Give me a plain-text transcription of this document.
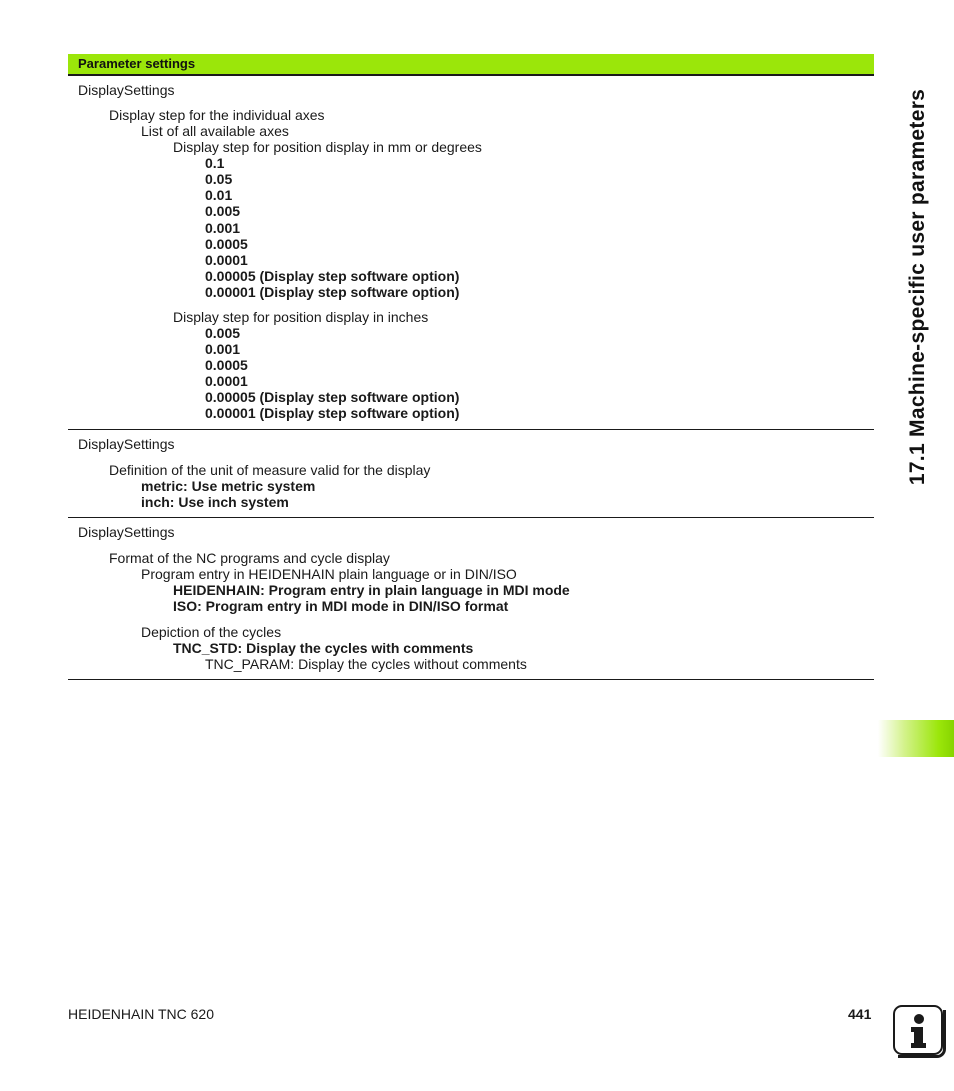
Parameter settings
DisplaySettings
Display step for the individual axes
List of all available axes
Display step for position display in mm or degrees
0.1
0.05
0.01
0.005
0.001
0.0005
0.0001
0.00005 (Display step software option)
0.00001 (Display step software option)
Display step for position display in inches
0.005
0.001
0.0005
0.0001
0.00005 (Display step software option)
0.00001 (Display step software option)
DisplaySettings
Definition of the unit of measure valid for the display
metric: Use metric system
inch: Use inch system
DisplaySettings
Format of the NC programs and cycle display
Program entry in HEIDENHAIN plain language or in DIN/ISO
HEIDENHAIN: Program entry in plain language in MDI mode
ISO: Program entry in MDI mode in DIN/ISO format
Depiction of the cycles
TNC_STD: Display the cycles with comments
TNC_PARAM: Display the cycles without comments
17.1 Machine-specific user parameters
HEIDENHAIN TNC 620	441
